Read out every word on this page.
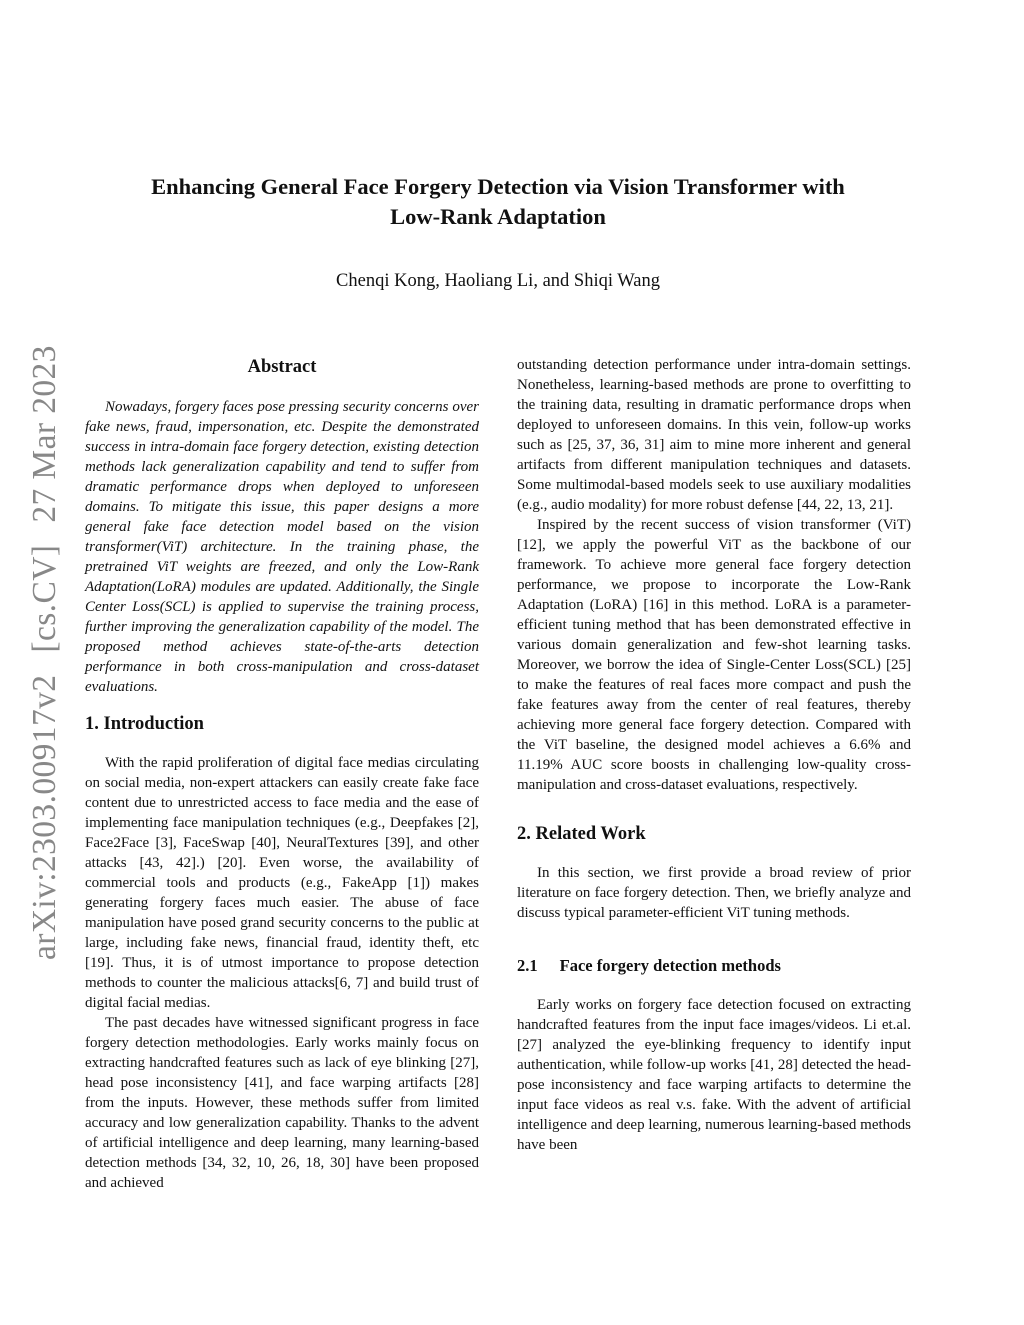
arXiv:2303.00917v2[cs.CV]27 Mar 2023
Enhancing General Face Forgery Detection via Vision Transformer with
Low-Rank Adaptation

Chenqi Kong, Haoliang Li, and Shiqi Wang

Abstract

Nowadays, forgery faces pose pressing security concerns over fake news, fraud, impersonation, etc. Despite the demonstrated success in intra-domain face forgery detection, existing detection methods lack generalization capability and tend to suffer from dramatic performance drops when deployed to unforeseen domains. To mitigate this issue, this paper designs a more general fake face detection model based on the vision transformer(ViT) architecture. In the training phase, the pretrained ViT weights are freezed, and only the Low-Rank Adaptation(LoRA) modules are updated. Additionally, the Single Center Loss(SCL) is applied to supervise the training process, further improving the generalization capability of the model. The proposed method achieves state-of-the-arts detection performance in both cross-manipulation and cross-dataset evaluations.

1. Introduction

With the rapid proliferation of digital face medias circulating on social media, non-expert attackers can easily create fake face content due to unrestricted access to face media and the ease of implementing face manipulation techniques (e.g., Deepfakes [2], Face2Face [3], FaceSwap [40], NeuralTextures [39], and other attacks [43, 42].) [20]. Even worse, the availability of commercial tools and products (e.g., FakeApp [1]) makes generating forgery faces much easier. The abuse of face manipulation have posed grand security concerns to the public at large, including fake news, financial fraud, identity theft, etc [19]. Thus, it is of utmost importance to propose detection methods to counter the malicious attacks[6, 7] and build trust of digital facial medias.

The past decades have witnessed significant progress in face forgery detection methodologies. Early works mainly focus on extracting handcrafted features such as lack of eye blinking [27], head pose inconsistency [41], and face warping artifacts [28] from the inputs. However, these methods suffer from limited accuracy and low generalization capability. Thanks to the advent of artificial intelligence and deep learning, many learning-based detection methods [34, 32, 10, 26, 18, 30] have been proposed and achieved

outstanding detection performance under intra-domain settings. Nonetheless, learning-based methods are prone to overfitting to the training data, resulting in dramatic performance drops when deployed to unforeseen domains. In this vein, follow-up works such as [25, 37, 36, 31] aim to mine more inherent and general artifacts from different manipulation techniques and datasets. Some multimodal-based models seek to use auxiliary modalities (e.g., audio modality) for more robust defense [44, 22, 13, 21].

Inspired by the recent success of vision transformer (ViT) [12], we apply the powerful ViT as the backbone of our framework. To achieve more general face forgery detection performance, we propose to incorporate the Low-Rank Adaptation (LoRA) [16] in this method. LoRA is a parameter-efficient tuning method that has been demonstrated effective in various domain generalization and few-shot learning tasks. Moreover, we borrow the idea of Single-Center Loss(SCL) [25] to make the features of real faces more compact and push the fake features away from the center of real features, thereby achieving more general face forgery detection. Compared with the ViT baseline, the designed model achieves a 6.6% and 11.19% AUC score boosts in challenging low-quality cross-manipulation and cross-dataset evaluations, respectively.

2. Related Work

In this section, we first provide a broad review of prior literature on face forgery detection. Then, we briefly analyze and discuss typical parameter-efficient ViT tuning methods.

2.1 Face forgery detection methods

Early works on forgery face detection focused on extracting handcrafted features from the input face images/videos. Li et.al. [27] analyzed the eye-blinking frequency to identify input authentication, while follow-up works [41, 28] detected the head-pose inconsistency and face warping artifacts to determine the input face videos as real v.s. fake. With the advent of artificial intelligence and deep learning, numerous learning-based methods have been
